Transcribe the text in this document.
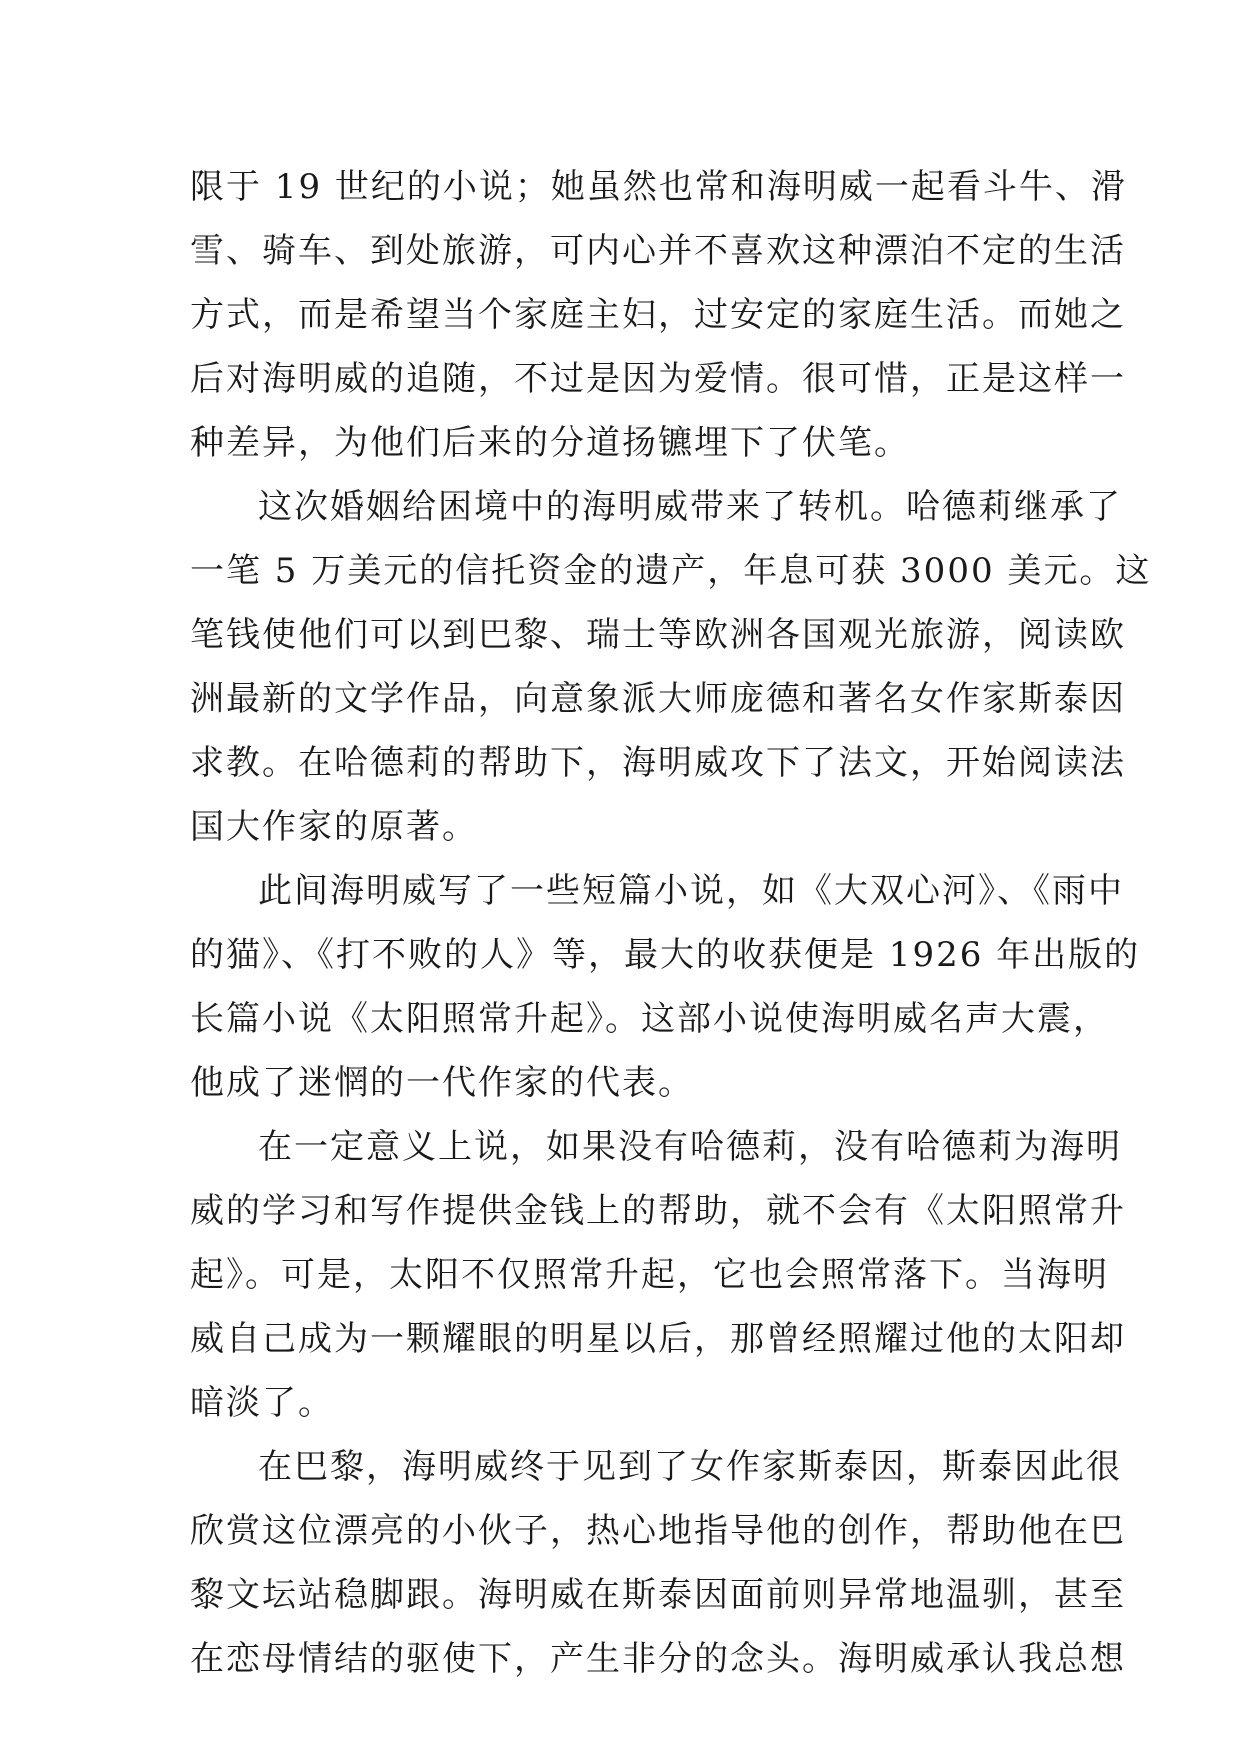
限于 19 世纪的小说；她虽然也常和海明威一起看斗牛、滑
雪、骑车、到处旅游，可内心并不喜欢这种漂泊不定的生活
方式，而是希望当个家庭主妇，过安定的家庭生活。而她之
后对海明威的追随，不过是因为爱情。很可惜，正是这样一
种差异，为他们后来的分道扬镳埋下了伏笔。
这次婚姻给困境中的海明威带来了转机。哈德莉继承了
一笔 5 万美元的信托资金的遗产，年息可获 3000 美元。这
笔钱使他们可以到巴黎、瑞士等欧洲各国观光旅游，阅读欧
洲最新的文学作品，向意象派大师庞德和著名女作家斯泰因
求教。在哈德莉的帮助下，海明威攻下了法文，开始阅读法
国大作家的原著。
此间海明威写了一些短篇小说，如《大双心河》、《雨中
的猫》、《打不败的人》等，最大的收获便是 1926 年出版的
长篇小说《太阳照常升起》。这部小说使海明威名声大震，
他成了迷惘的一代作家的代表。
在一定意义上说，如果没有哈德莉，没有哈德莉为海明
威的学习和写作提供金钱上的帮助，就不会有《太阳照常升
起》。可是，太阳不仅照常升起，它也会照常落下。当海明
威自己成为一颗耀眼的明星以后，那曾经照耀过他的太阳却
暗淡了。
在巴黎，海明威终于见到了女作家斯泰因，斯泰因此很
欣赏这位漂亮的小伙子，热心地指导他的创作，帮助他在巴
黎文坛站稳脚跟。海明威在斯泰因面前则异常地温驯，甚至
在恋母情结的驱使下，产生非分的念头。海明威承认我总想
